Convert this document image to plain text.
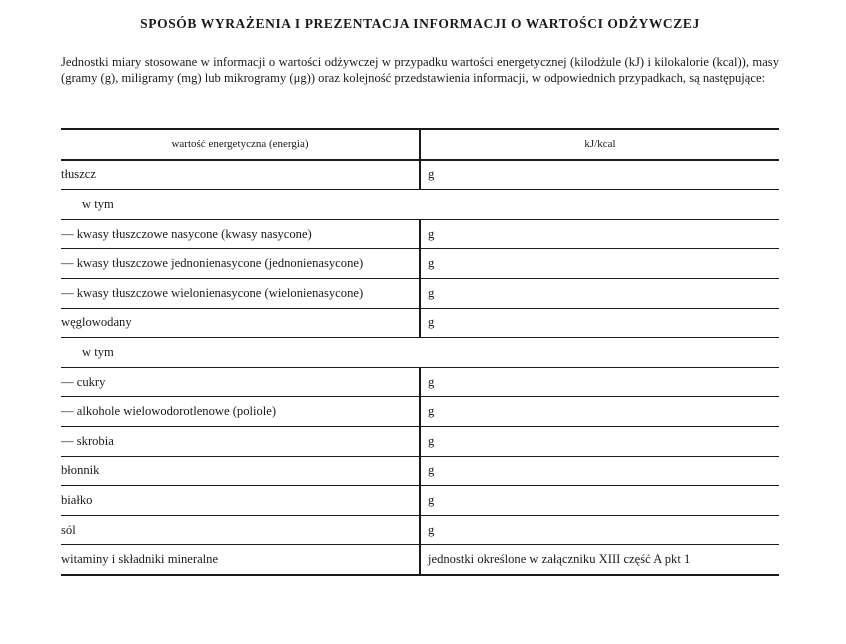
SPOSÓB WYRAŻENIA I PREZENTACJA INFORMACJI O WARTOŚCI ODŻYWCZEJ
Jednostki miary stosowane w informacji o wartości odżywczej w przypadku wartości energetycznej (kilodżule (kJ) i kilokalorie (kcal)), masy (gramy (g), miligramy (mg) lub mikrogramy (μg)) oraz kolejność przedstawienia informacji, w odpowiednich przypadkach, są następujące:
wartość energetyczna (energia)	kJ/kcal
tłuszcz	g
w tym	
— kwasy tłuszczowe nasycone (kwasy nasycone)	g
— kwasy tłuszczowe jednonienasycone (jednonienasycone)	g
— kwasy tłuszczowe wielonienasycone (wielonienasycone)	g
węglowodany	g
w tym	
— cukry	g
— alkohole wielowodorotlenowe (poliole)	g
— skrobia	g
błonnik	g
białko	g
sól	g
witaminy i składniki mineralne	jednostki określone w załączniku XIII część A pkt 1
